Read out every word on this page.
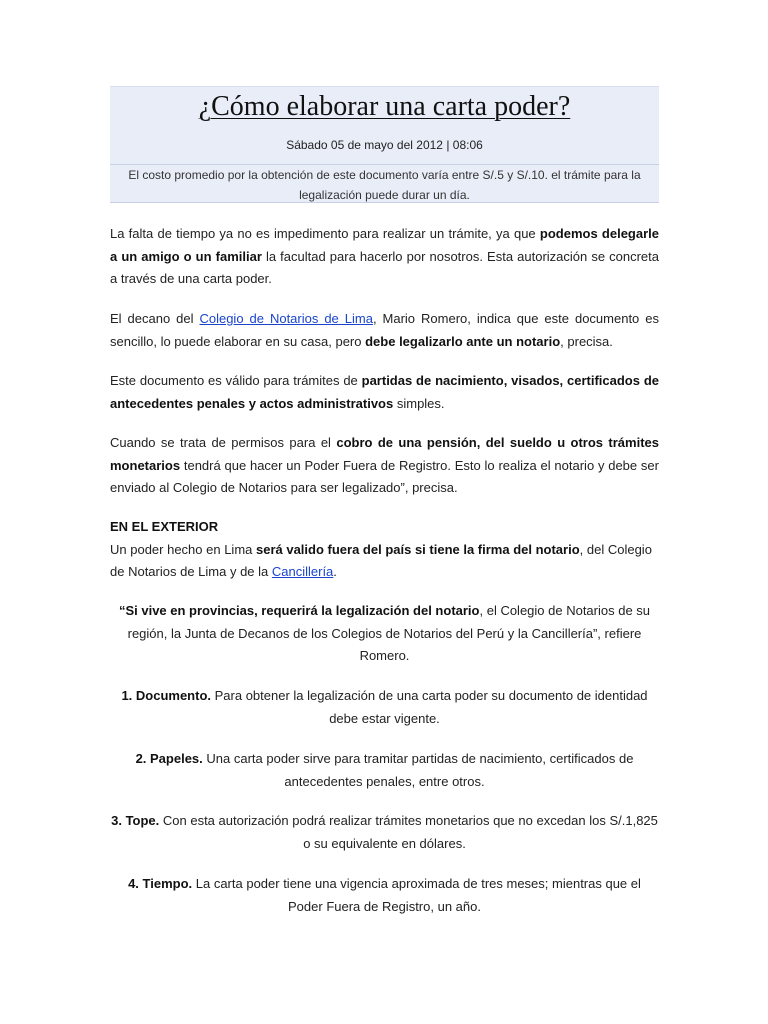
¿Cómo elaborar una carta poder?
Sábado 05 de mayo del 2012 | 08:06

El costo promedio por la obtención de este documento varía entre S/.5 y S/.10. el trámite para la legalización puede durar un día.

La falta de tiempo ya no es impedimento para realizar un trámite, ya que podemos delegarle a un amigo o un familiar la facultad para hacerlo por nosotros. Esta autorización se concreta a través de una carta poder.

El decano del Colegio de Notarios de Lima, Mario Romero, indica que este documento es sencillo, lo puede elaborar en su casa, pero debe legalizarlo ante un notario, precisa.

Este documento es válido para trámites de partidas de nacimiento, visados, certificados de antecedentes penales y actos administrativos simples.

Cuando se trata de permisos para el cobro de una pensión, del sueldo u otros trámites monetarios tendrá que hacer un Poder Fuera de Registro. Esto lo realiza el notario y debe ser enviado al Colegio de Notarios para ser legalizado”, precisa.

EN EL EXTERIOR
Un poder hecho en Lima será valido fuera del país si tiene la firma del notario, del Colegio de Notarios de Lima y de la Cancillería.

“Si vive en provincias, requerirá la legalización del notario, el Colegio de Notarios de su región, la Junta de Decanos de los Colegios de Notarios del Perú y la Cancillería”, refiere Romero.

1. Documento. Para obtener la legalización de una carta poder su documento de identidad debe estar vigente.

2. Papeles. Una carta poder sirve para tramitar partidas de nacimiento, certificados de antecedentes penales, entre otros.

3. Tope. Con esta autorización podrá realizar trámites monetarios que no excedan los S/.1,825 o su equivalente en dólares.

4. Tiempo. La carta poder tiene una vigencia aproximada de tres meses; mientras que el Poder Fuera de Registro, un año.
